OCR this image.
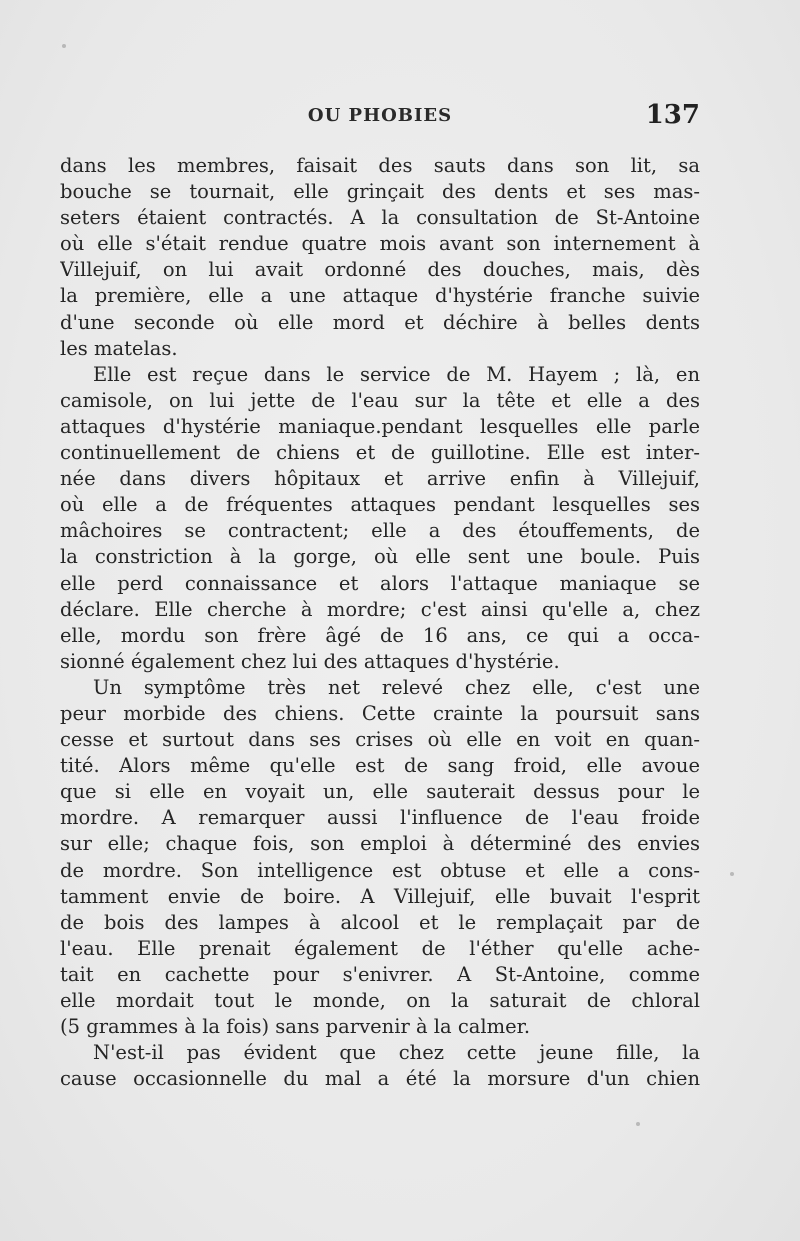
OU PHOBIES	137
dans les membres, faisait des sauts dans son lit, sa
bouche se tournait, elle grinçait des dents et ses mas-
seters étaient contractés. A la consultation de St-Antoine
où elle s'était rendue quatre mois avant son internement à
Villejuif, on lui avait ordonné des douches, mais, dès
la première, elle a une attaque d'hystérie franche suivie
d'une seconde où elle mord et déchire à belles dents
les matelas.
Elle est reçue dans le service de M. Hayem ; là, en
camisole, on lui jette de l'eau sur la tête et elle a des
attaques d'hystérie maniaque.pendant lesquelles elle parle
continuellement de chiens et de guillotine. Elle est inter-
née dans divers hôpitaux et arrive enfin à Villejuif,
où elle a de fréquentes attaques pendant lesquelles ses
mâchoires se contractent; elle a des étouffements, de
la constriction à la gorge, où elle sent une boule. Puis
elle perd connaissance et alors l'attaque maniaque se
déclare. Elle cherche à mordre; c'est ainsi qu'elle a, chez
elle, mordu son frère âgé de 16 ans, ce qui a occa-
sionné également chez lui des attaques d'hystérie.
Un symptôme très net relevé chez elle, c'est une
peur morbide des chiens. Cette crainte la poursuit sans
cesse et surtout dans ses crises où elle en voit en quan-
tité. Alors même qu'elle est de sang froid, elle avoue
que si elle en voyait un, elle sauterait dessus pour le
mordre. A remarquer aussi l'influence de l'eau froide
sur elle; chaque fois, son emploi à déterminé des envies
de mordre. Son intelligence est obtuse et elle a cons-
tamment envie de boire. A Villejuif, elle buvait l'esprit
de bois des lampes à alcool et le remplaçait par de
l'eau. Elle prenait également de l'éther qu'elle ache-
tait en cachette pour s'enivrer. A St-Antoine, comme
elle mordait tout le monde, on la saturait de chloral
(5 grammes à la fois) sans parvenir à la calmer.
N'est-il pas évident que chez cette jeune fille, la
cause occasionnelle du mal a été la morsure d'un chien
